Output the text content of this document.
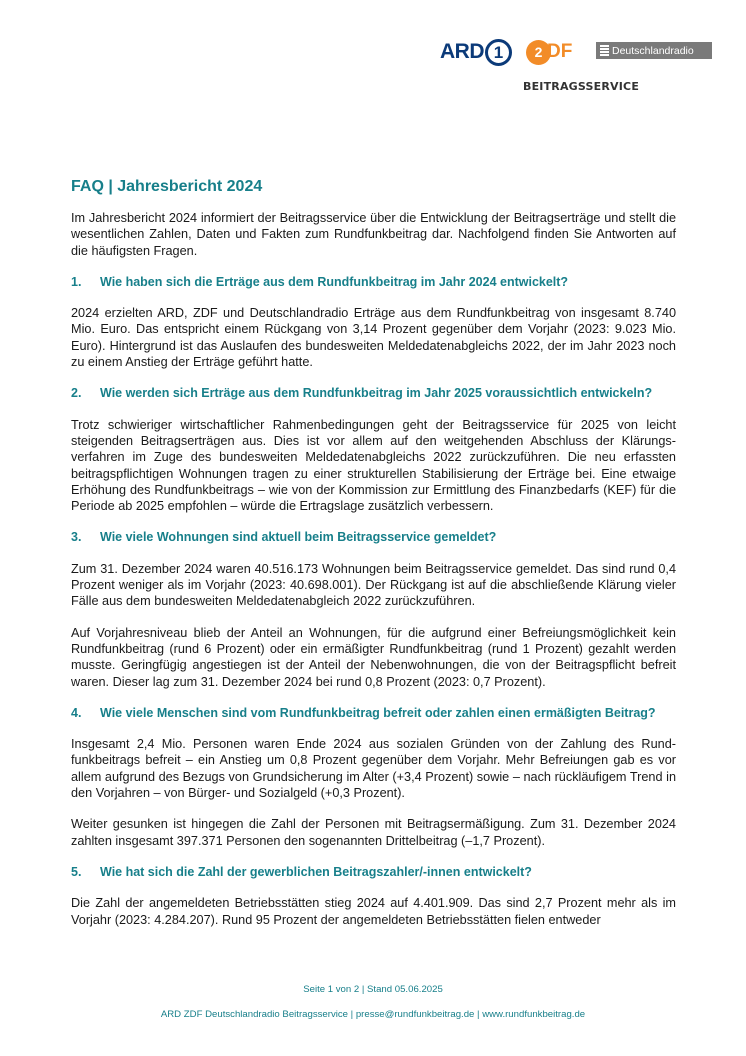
ARD 1 2 DF	Deutschlandradio
BEITRAGSSERVICE
FAQ | Jahresbericht 2024

Im Jahresbericht 2024 informiert der Beitragsservice über die Entwicklung der Beitragserträge und stellt die wesentlichen Zahlen, Daten und Fakten zum Rundfunkbeitrag dar. Nachfolgend finden Sie Antworten auf die häufigsten Fragen.

1.	Wie haben sich die Erträge aus dem Rundfunkbeitrag im Jahr 2024 entwickelt?

2024 erzielten ARD, ZDF und Deutschlandradio Erträge aus dem Rundfunkbeitrag von insgesamt 8.740 Mio. Euro. Das entspricht einem Rückgang von 3,14 Prozent gegenüber dem Vorjahr (2023: 9.023 Mio. Euro). Hintergrund ist das Auslaufen des bundesweiten Meldedatenabgleichs 2022, der im Jahr 2023 noch zu einem Anstieg der Erträge geführt hatte.

2.	Wie werden sich Erträge aus dem Rundfunkbeitrag im Jahr 2025 voraussichtlich entwickeln?

Trotz schwieriger wirtschaftlicher Rahmenbedingungen geht der Beitragsservice für 2025 von leicht steigenden Beitragserträgen aus. Dies ist vor allem auf den weitgehenden Abschluss der Klärungsverfahren im Zuge des bundesweiten Meldedatenabgleichs 2022 zurückzuführen. Die neu erfassten beitragspflichtigen Wohnungen tragen zu einer strukturellen Stabilisierung der Erträge bei. Eine etwaige Erhöhung des Rundfunkbeitrags – wie von der Kommission zur Ermittlung des Finanzbedarfs (KEF) für die Periode ab 2025 empfohlen – würde die Ertragslage zusätzlich verbessern.

3.	Wie viele Wohnungen sind aktuell beim Beitragsservice gemeldet?

Zum 31. Dezember 2024 waren 40.516.173 Wohnungen beim Beitragsservice gemeldet. Das sind rund 0,4 Prozent weniger als im Vorjahr (2023: 40.698.001). Der Rückgang ist auf die abschließende Klärung vieler Fälle aus dem bundesweiten Meldedatenabgleich 2022 zurückzuführen.

Auf Vorjahresniveau blieb der Anteil an Wohnungen, für die aufgrund einer Befreiungsmöglichkeit kein Rundfunkbeitrag (rund 6 Prozent) oder ein ermäßigter Rundfunkbeitrag (rund 1 Prozent) gezahlt werden musste. Geringfügig angestiegen ist der Anteil der Nebenwohnungen, die von der Beitragspflicht befreit waren. Dieser lag zum 31. Dezember 2024 bei rund 0,8 Prozent (2023: 0,7 Prozent).

4.	Wie viele Menschen sind vom Rundfunkbeitrag befreit oder zahlen einen ermäßigten Beitrag?

Insgesamt 2,4 Mio. Personen waren Ende 2024 aus sozialen Gründen von der Zahlung des Rundfunkbeitrags befreit – ein Anstieg um 0,8 Prozent gegenüber dem Vorjahr. Mehr Befreiungen gab es vor allem aufgrund des Bezugs von Grundsicherung im Alter (+3,4 Prozent) sowie – nach rückläufigem Trend in den Vorjahren – von Bürger- und Sozialgeld (+0,3 Prozent).

Weiter gesunken ist hingegen die Zahl der Personen mit Beitragsermäßigung. Zum 31. Dezember 2024 zahlten insgesamt 397.371 Personen den sogenannten Drittelbeitrag (–1,7 Prozent).

5.	Wie hat sich die Zahl der gewerblichen Beitragszahler/-innen entwickelt?

Die Zahl der angemeldeten Betriebsstätten stieg 2024 auf 4.401.909. Das sind 2,7 Prozent mehr als im Vorjahr (2023: 4.284.207). Rund 95 Prozent der angemeldeten Betriebsstätten fielen entweder

Seite 1 von 2 | Stand 05.06.2025
ARD ZDF Deutschlandradio Beitragsservice | presse@rundfunkbeitrag.de | www.rundfunkbeitrag.de
